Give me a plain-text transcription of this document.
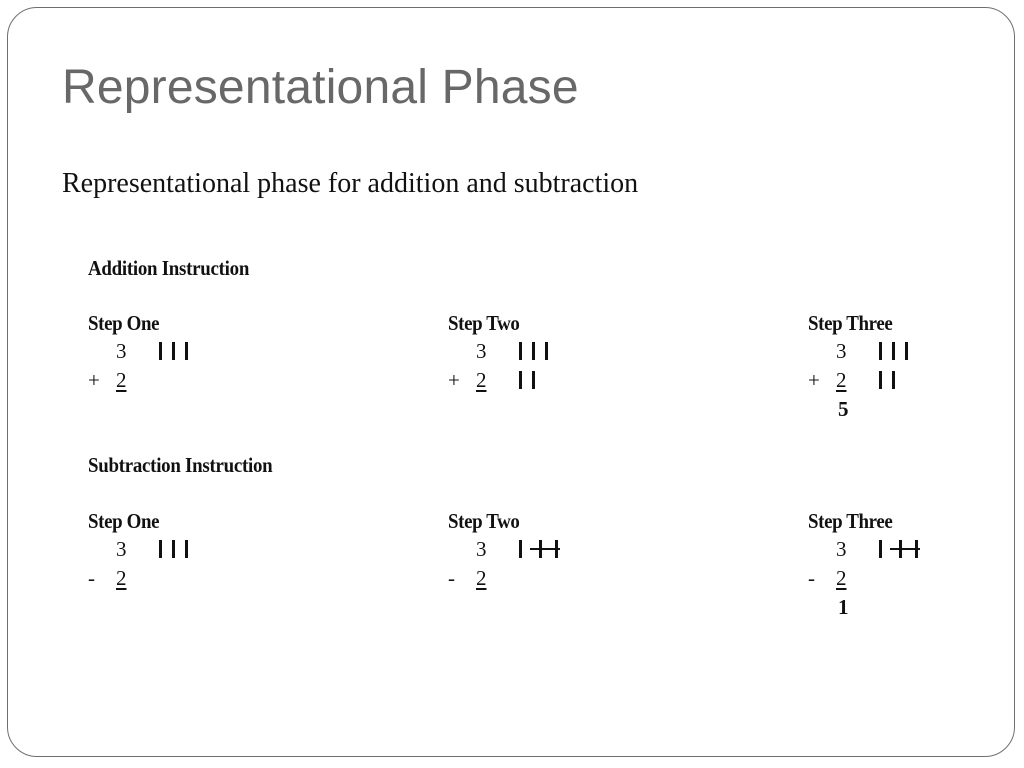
Representational Phase
Representational phase for addition and subtraction
Addition Instruction
Step One
3
+ 2
Step Two
3
+ 2
Step Three
3
+ 2
5
Subtraction Instruction
Step One
3
- 2
Step Two
3
- 2
Step Three
3
- 2
1
